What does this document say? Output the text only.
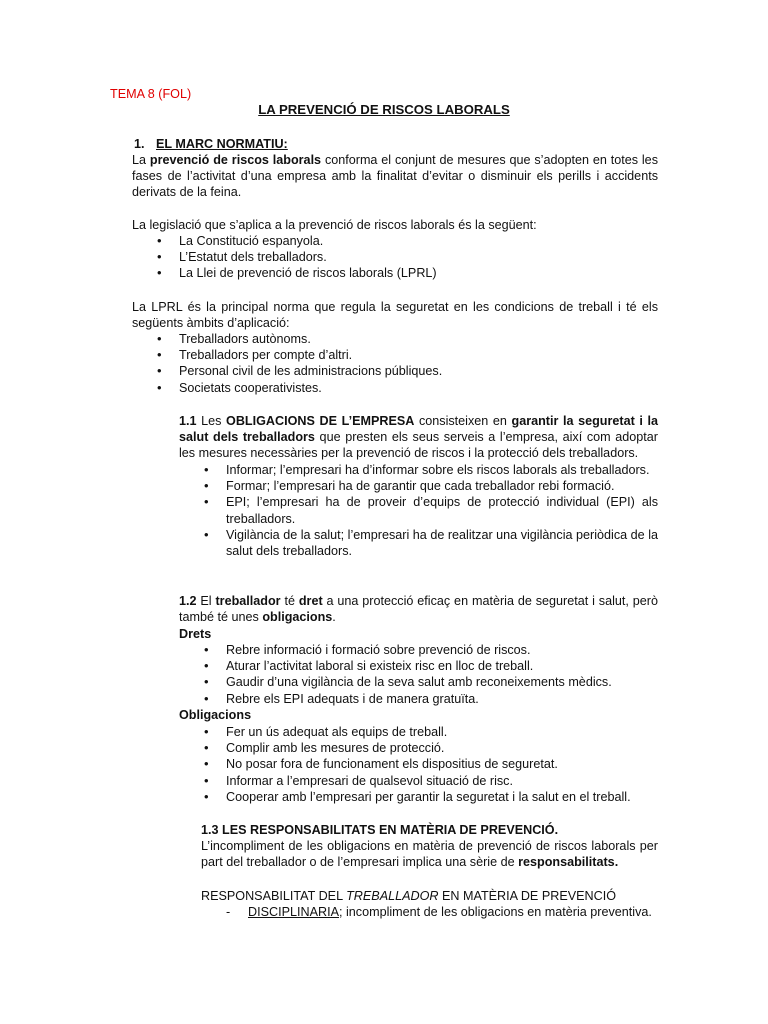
TEMA 8 (FOL)
LA PREVENCIÓ DE RISCOS LABORALS
1. EL MARC NORMATIU:
La prevenció de riscos laborals conforma el conjunt de mesures que s’adopten en totes les fases de l’activitat d’una empresa amb la finalitat d’evitar o disminuir els perills i accidents derivats de la feina.
La legislació que s’aplica a la prevenció de riscos laborals és la següent:
• La Constitució espanyola.
• L’Estatut dels treballadors.
• La Llei de prevenció de riscos laborals (LPRL)
La LPRL és la principal norma que regula la seguretat en les condicions de treball i té els següents àmbits d’aplicació:
• Treballadors autònoms.
• Treballadors per compte d’altri.
• Personal civil de les administracions públiques.
• Societats cooperativistes.
1.1 Les OBLIGACIONS DE L’EMPRESA consisteixen en garantir la seguretat i la salut dels treballadors que presten els seus serveis a l’empresa, així com adoptar les mesures necessàries per la prevenció de riscos i la protecció dels treballadors.
• Informar; l’empresari ha d’informar sobre els riscos laborals als treballadors.
• Formar; l’empresari ha de garantir que cada treballador rebi formació.
• EPI; l’empresari ha de proveir d’equips de protecció individual (EPI) als treballadors.
• Vigilància de la salut; l’empresari ha de realitzar una vigilància periòdica de la salut dels treballadors.
1.2 El treballador té dret a una protecció eficaç en matèria de seguretat i salut, però també té unes obligacions.
Drets
• Rebre informació i formació sobre prevenció de riscos.
• Aturar l’activitat laboral si existeix risc en lloc de treball.
• Gaudir d’una vigilància de la seva salut amb reconeixements mèdics.
• Rebre els EPI adequats i de manera gratuïta.
Obligacions
• Fer un ús adequat als equips de treball.
• Complir amb les mesures de protecció.
• No posar fora de funcionament els dispositius de seguretat.
• Informar a l’empresari de qualsevol situació de risc.
• Cooperar amb l’empresari per garantir la seguretat i la salut en el treball.
1.3 LES RESPONSABILITATS EN MATÈRIA DE PREVENCIÓ.
L’incompliment de les obligacions en matèria de prevenció de riscos laborals per part del treballador o de l’empresari implica una sèrie de responsabilitats.
RESPONSABILITAT DEL TREBALLADOR EN MATÈRIA DE PREVENCIÓ
- DISCIPLINARIA; incompliment de les obligacions en matèria preventiva.
